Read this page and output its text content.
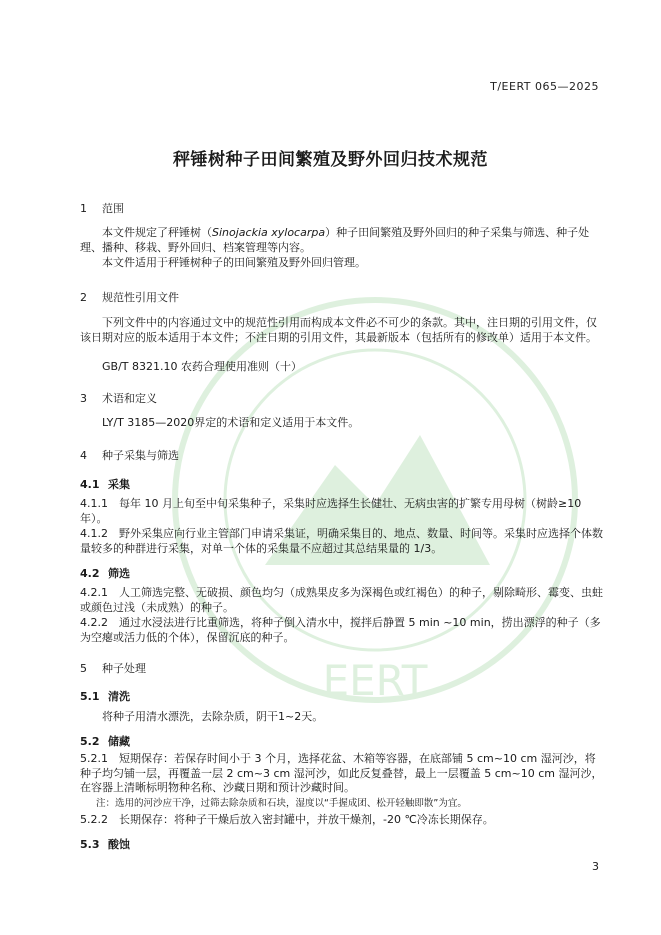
EERT
T/EERT 065—2025
秤锤树种子田间繁殖及野外回归技术规范
1 范围
本文件规定了秤锤树（Sinojackia xylocarpa）种子田间繁殖及野外回归的种子采集与筛选、种子处理、播种、移栽、野外回归、档案管理等内容。
本文件适用于秤锤树种子的田间繁殖及野外回归管理。
2 规范性引用文件
下列文件中的内容通过文中的规范性引用而构成本文件必不可少的条款。其中，注日期的引用文件，仅该日期对应的版本适用于本文件；不注日期的引用文件，其最新版本（包括所有的修改单）适用于本文件。
GB/T 8321.10 农药合理使用准则（十）
3 术语和定义
LY/T 3185—2020界定的术语和定义适用于本文件。
4 种子采集与筛选
4.1 采集
4.1.1　每年 10 月上旬至中旬采集种子，采集时应选择生长健壮、无病虫害的扩繁专用母树（树龄≥10年）。
4.1.2　野外采集应向行业主管部门申请采集证，明确采集目的、地点、数量、时间等。采集时应选择个体数量较多的种群进行采集，对单一个体的采集量不应超过其总结果量的 1/3。
4.2 筛选
4.2.1　人工筛选完整、无破损、颜色均匀（成熟果皮多为深褐色或红褐色）的种子，剔除畸形、霉变、虫蛀或颜色过浅（未成熟）的种子。
4.2.2　通过水浸法进行比重筛选，将种子倒入清水中，搅拌后静置 5 min ~10 min，捞出漂浮的种子（多为空瘪或活力低的个体），保留沉底的种子。
5 种子处理
5.1 清洗
将种子用清水漂洗，去除杂质，阴干1~2天。
5.2 储藏
5.2.1　短期保存：若保存时间小于 3 个月，选择花盆、木箱等容器，在底部铺 5 cm~10 cm 湿河沙，将种子均匀铺一层，再覆盖一层 2 cm~3 cm 湿河沙，如此反复叠替，最上一层覆盖 5 cm~10 cm 湿河沙，在容器上清晰标明物种名称、沙藏日期和预计沙藏时间。
注：选用的河沙应干净，过筛去除杂质和石块，湿度以“手握成团、松开轻触即散”为宜。
5.2.2　长期保存：将种子干燥后放入密封罐中，并放干燥剂，-20 ℃冷冻长期保存。
5.3 酸蚀
3
